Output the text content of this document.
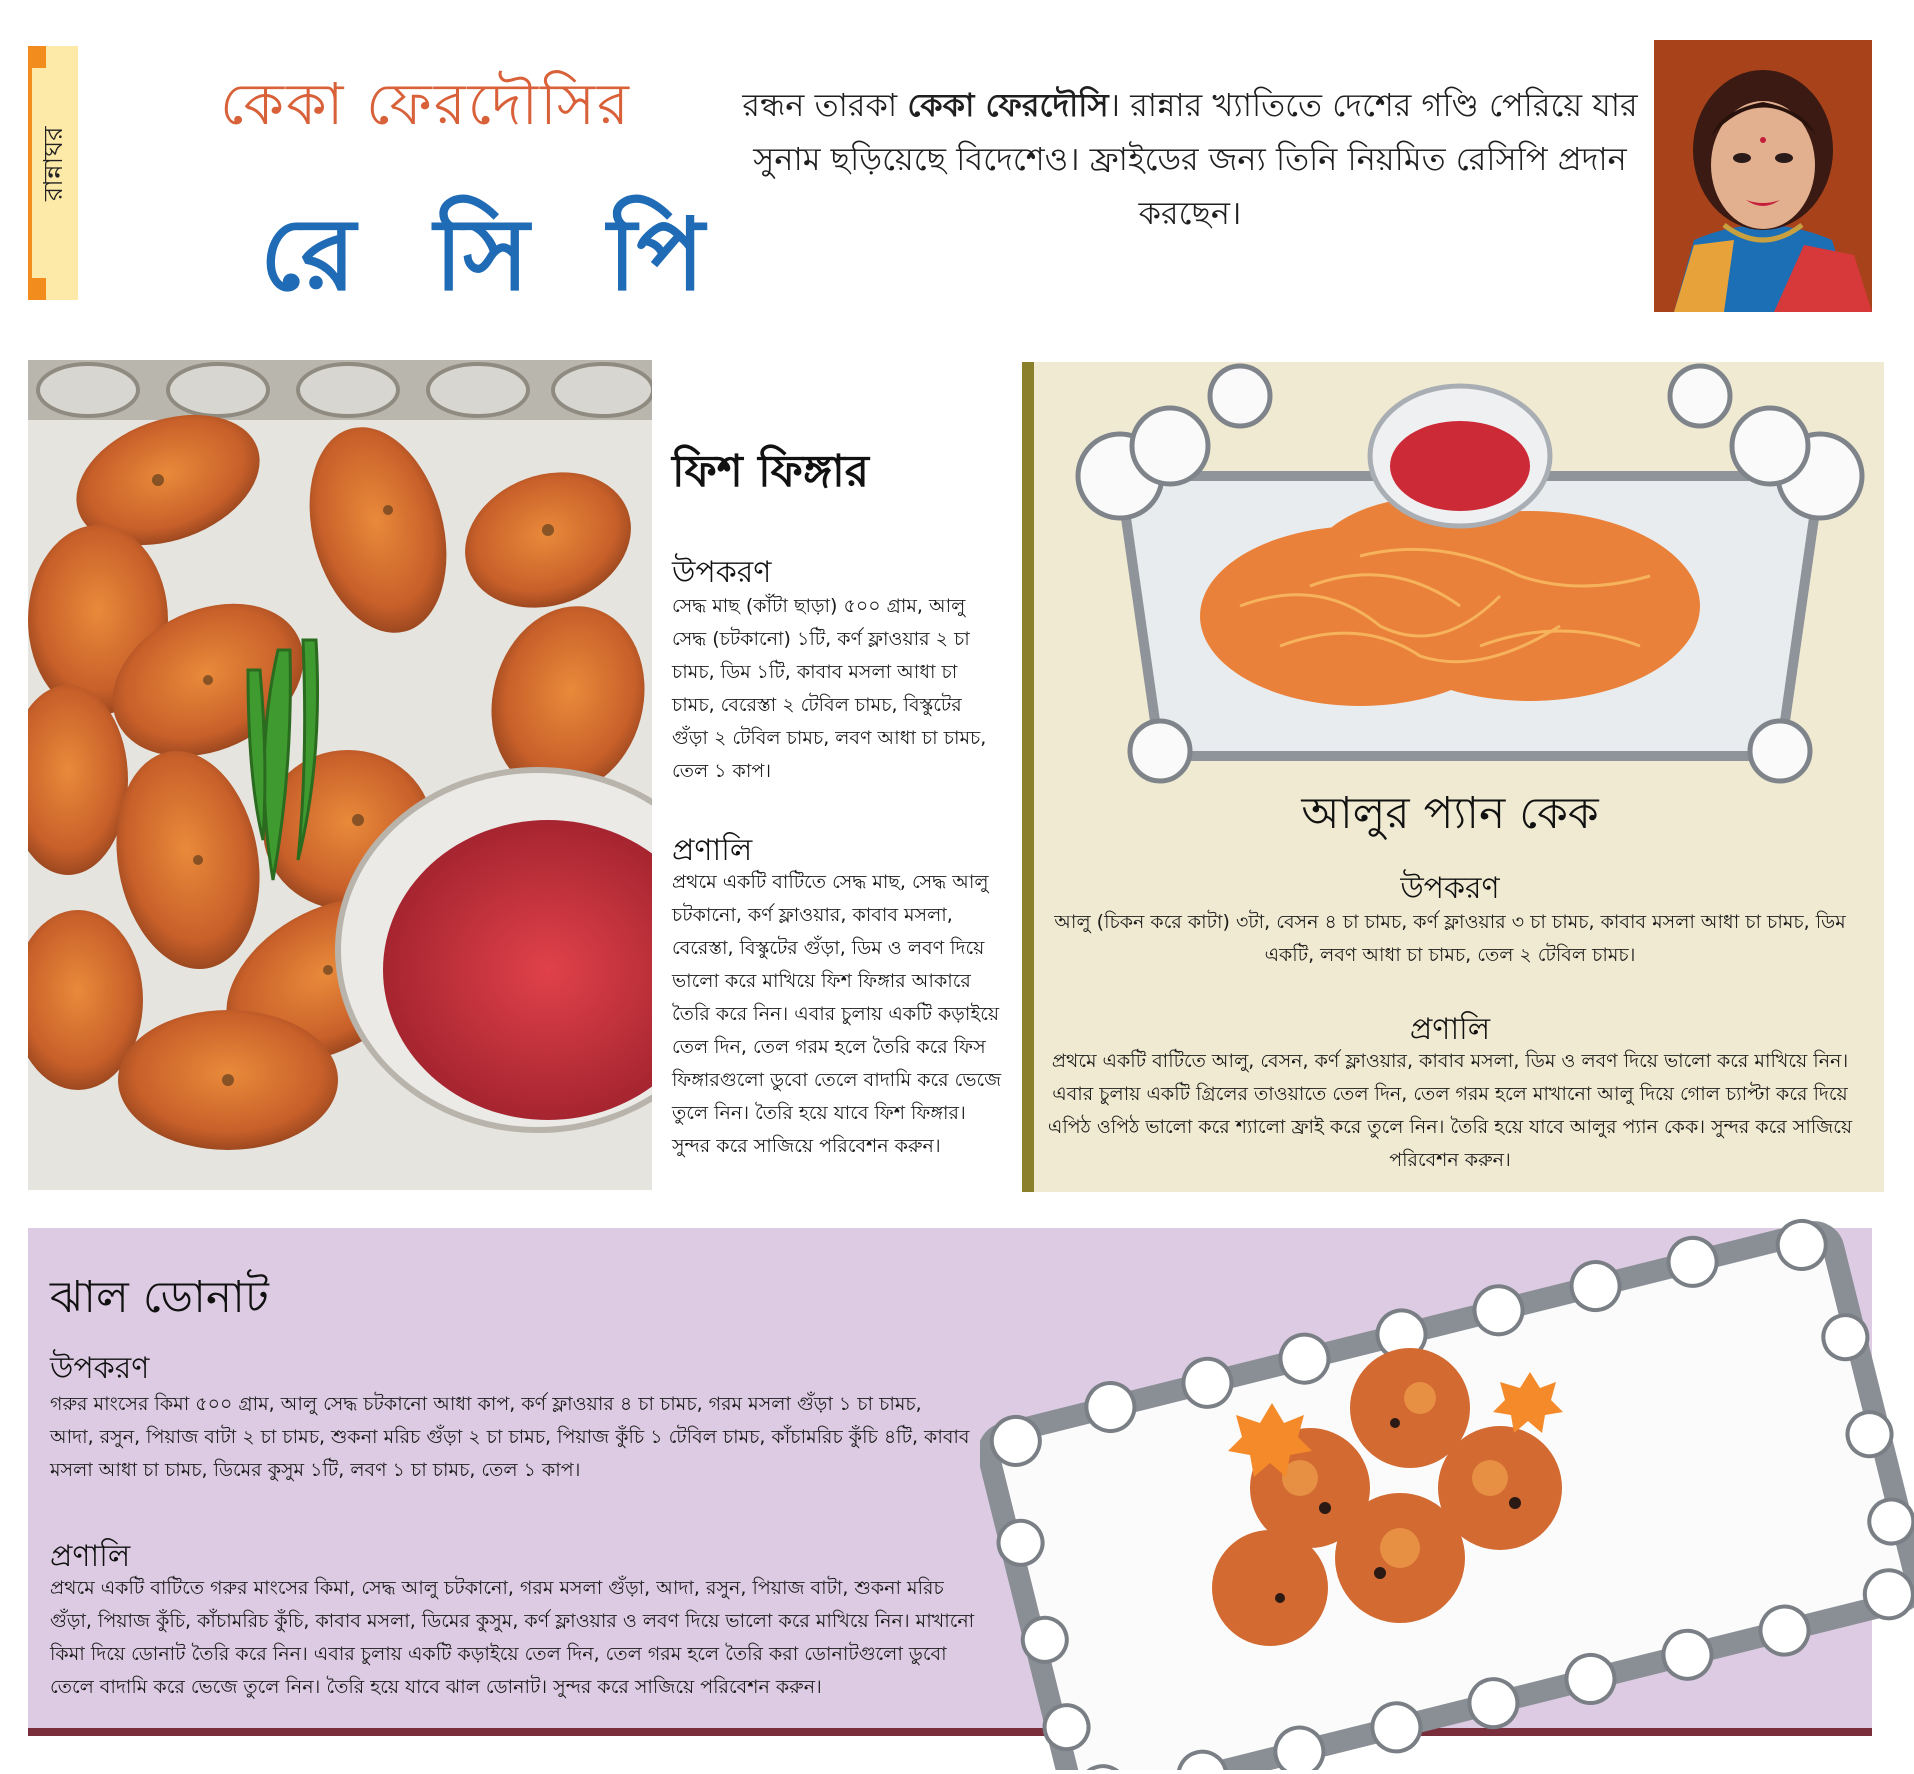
রান্নাঘর
কেকা ফেরদৌসির
রে সি পি
রন্ধন তারকা কেকা ফেরদৌসি। রান্নার খ্যাতিতে দেশের গণ্ডি পেরিয়ে যার সুনাম ছড়িয়েছে বিদেশেও। ফ্রাইডের জন্য তিনি নিয়মিত রেসিপি প্রদান করছেন।
ফিশ ফিঙ্গার
উপকরণ
সেদ্ধ মাছ (কাঁটা ছাড়া) ৫০০ গ্রাম, আলু সেদ্ধ (চটকানো) ১টি, কর্ণ ফ্লাওয়ার ২ চা চামচ, ডিম ১টি, কাবাব মসলা আধা চা চামচ, বেরেস্তা ২ টেবিল চামচ, বিস্কুটের গুঁড়া ২ টেবিল চামচ, লবণ আধা চা চামচ, তেল ১ কাপ।
প্রণালি
প্রথমে একটি বাটিতে সেদ্ধ মাছ, সেদ্ধ আলু চটকানো, কর্ণ ফ্লাওয়ার, কাবাব মসলা, বেরেস্তা, বিস্কুটের গুঁড়া, ডিম ও লবণ দিয়ে ভালো করে মাখিয়ে ফিশ ফিঙ্গার আকারে তৈরি করে নিন। এবার চুলায় একটি কড়াইয়ে তেল দিন, তেল গরম হলে তৈরি করে ফিস ফিঙ্গারগুলো ডুবো তেলে বাদামি করে ভেজে তুলে নিন। তৈরি হয়ে যাবে ফিশ ফিঙ্গার। সুন্দর করে সাজিয়ে পরিবেশন করুন।
আলুর প্যান কেক
উপকরণ
আলু (চিকন করে কাটা) ৩টা, বেসন ৪ চা চামচ, কর্ণ ফ্লাওয়ার ৩ চা চামচ, কাবাব মসলা আধা চা চামচ, ডিম একটি, লবণ আধা চা চামচ, তেল ২ টেবিল চামচ।
প্রণালি
প্রথমে একটি বাটিতে আলু, বেসন, কর্ণ ফ্লাওয়ার, কাবাব মসলা, ডিম ও লবণ দিয়ে ভালো করে মাখিয়ে নিন। এবার চুলায় একটি গ্রিলের তাওয়াতে তেল দিন, তেল গরম হলে মাখানো আলু দিয়ে গোল চ্যাপ্টা করে দিয়ে এপিঠ ওপিঠ ভালো করে শ্যালো ফ্রাই করে তুলে নিন। তৈরি হয়ে যাবে আলুর প্যান কেক। সুন্দর করে সাজিয়ে পরিবেশন করুন।
ঝাল ডোনাট
উপকরণ
গরুর মাংসের কিমা ৫০০ গ্রাম, আলু সেদ্ধ চটকানো আধা কাপ, কর্ণ ফ্লাওয়ার ৪ চা চামচ, গরম মসলা গুঁড়া ১ চা চামচ, আদা, রসুন, পিয়াজ বাটা ২ চা চামচ, শুকনা মরিচ গুঁড়া ২ চা চামচ, পিয়াজ কুঁচি ১ টেবিল চামচ, কাঁচামরিচ কুঁচি ৪টি, কাবাব মসলা আধা চা চামচ, ডিমের কুসুম ১টি, লবণ ১ চা চামচ, তেল ১ কাপ।
প্রণালি
প্রথমে একটি বাটিতে গরুর মাংসের কিমা, সেদ্ধ আলু চটকানো, গরম মসলা গুঁড়া, আদা, রসুন, পিয়াজ বাটা, শুকনা মরিচ গুঁড়া, পিয়াজ কুঁচি, কাঁচামরিচ কুঁচি, কাবাব মসলা, ডিমের কুসুম, কর্ণ ফ্লাওয়ার ও লবণ দিয়ে ভালো করে মাখিয়ে নিন। মাখানো কিমা দিয়ে ডোনাট তৈরি করে নিন। এবার চুলায় একটি কড়াইয়ে তেল দিন, তেল গরম হলে তৈরি করা ডোনাটগুলো ডুবো তেলে বাদামি করে ভেজে তুলে নিন। তৈরি হয়ে যাবে ঝাল ডোনাট। সুন্দর করে সাজিয়ে পরিবেশন করুন।
